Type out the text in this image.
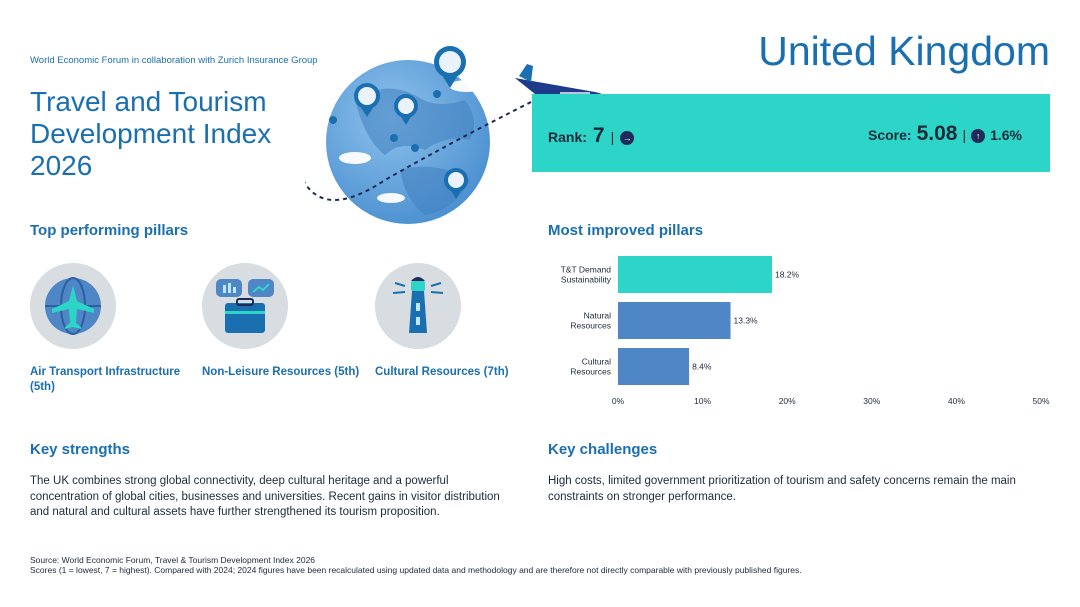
World Economic Forum in collaboration with Zurich Insurance Group
Travel and Tourism Development Index 2026
United Kingdom
Rank: 7 | →	Score: 5.08 |	↑ 1.6%
Top performing pillars
Air Transport Infrastructure (5th)
Non-Leisure Resources (5th) Cultural Resources (7th)
Most improved pillars
T&T Demand Sustainability	18.2%
Natural Resources	13.3%
Cultural Resources	8.4%
0%	10%	20%	30%	40%	50%
Key strengths

The UK combines strong global connectivity, deep cultural heritage and a powerful concentration of global cities, businesses and universities. Recent gains in visitor distribution and natural and cultural assets have further strengthened its tourism proposition.

Key challenges

High costs, limited government prioritization of tourism and safety concerns remain the main constraints on stronger performance.

Source: World Economic Forum, Travel & Tourism Development Index 2026
Scores (1 = lowest, 7 = highest). Compared with 2024; 2024 figures have been recalculated using updated data and methodology and are therefore not directly comparable with previously published figures.
